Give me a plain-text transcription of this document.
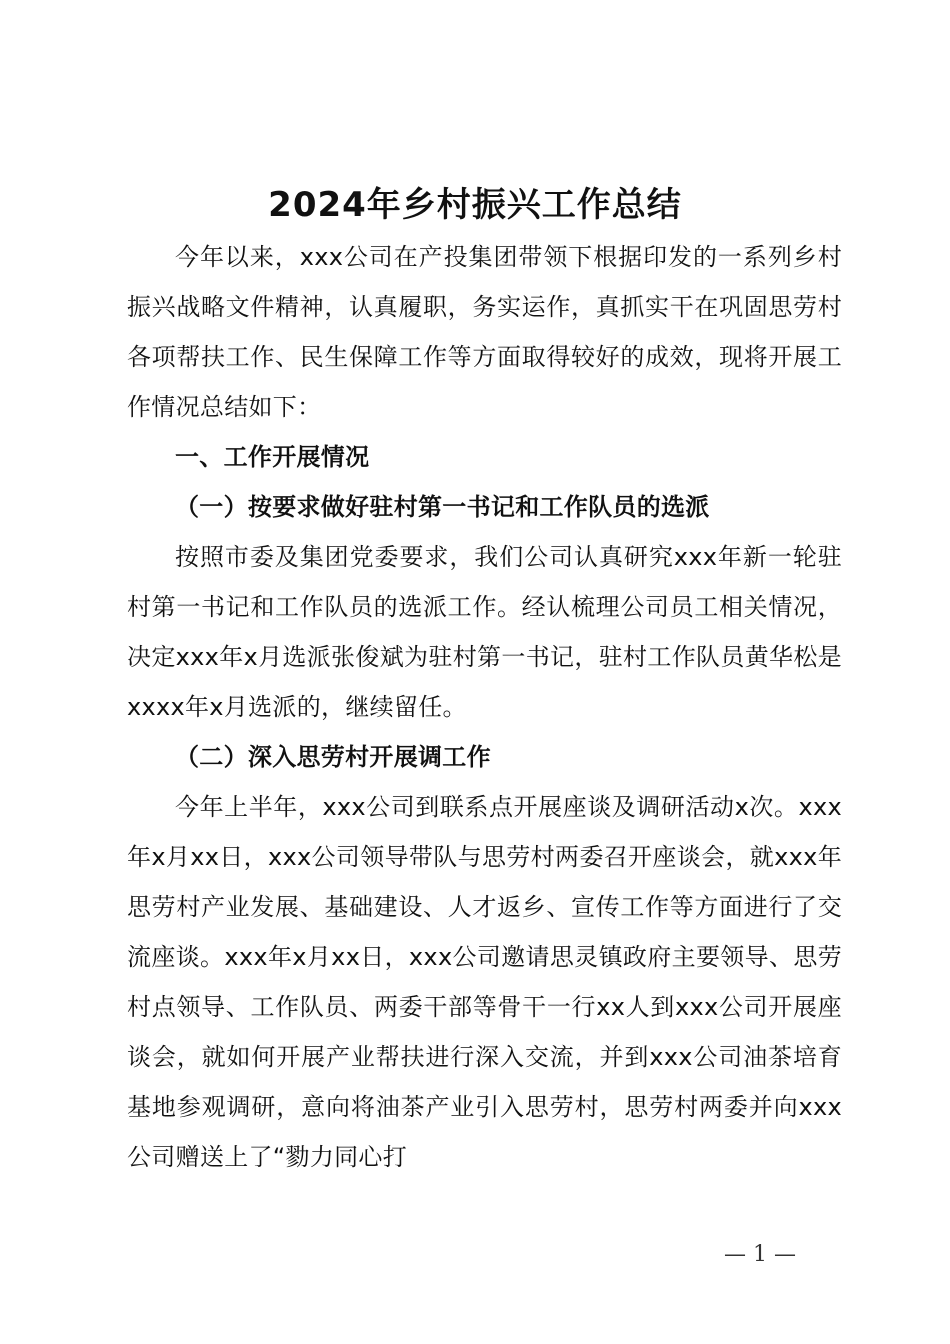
2024年乡村振兴工作总结

今年以来，xxx公司在产投集团带领下根据印发的一系列乡村振兴战略文件精神，认真履职，务实运作，真抓实干在巩固思劳村各项帮扶工作、民生保障工作等方面取得较好的成效，现将开展工作情况总结如下：

一、工作开展情况

（一）按要求做好驻村第一书记和工作队员的选派

按照市委及集团党委要求，我们公司认真研究xxx年新一轮驻村第一书记和工作队员的选派工作。经认梳理公司员工相关情况，决定xxx年x月选派张俊斌为驻村第一书记，驻村工作队员黄华松是xxxx年x月选派的，继续留任。

（二）深入思劳村开展调工作

今年上半年，xxx公司到联系点开展座谈及调研活动x次。xxx年x月xx日，xxx公司领导带队与思劳村两委召开座谈会，就xxx年思劳村产业发展、基础建设、人才返乡、宣传工作等方面进行了交流座谈。xxx年x月xx日，xxx公司邀请思灵镇政府主要领导、思劳村点领导、工作队员、两委干部等骨干一行xx人到xxx公司开展座谈会，就如何开展产业帮扶进行深入交流，并到xxx公司油茶培育基地参观调研，意向将油茶产业引入思劳村，思劳村两委并向xxx公司赠送上了“勠力同心打

— 1 —
